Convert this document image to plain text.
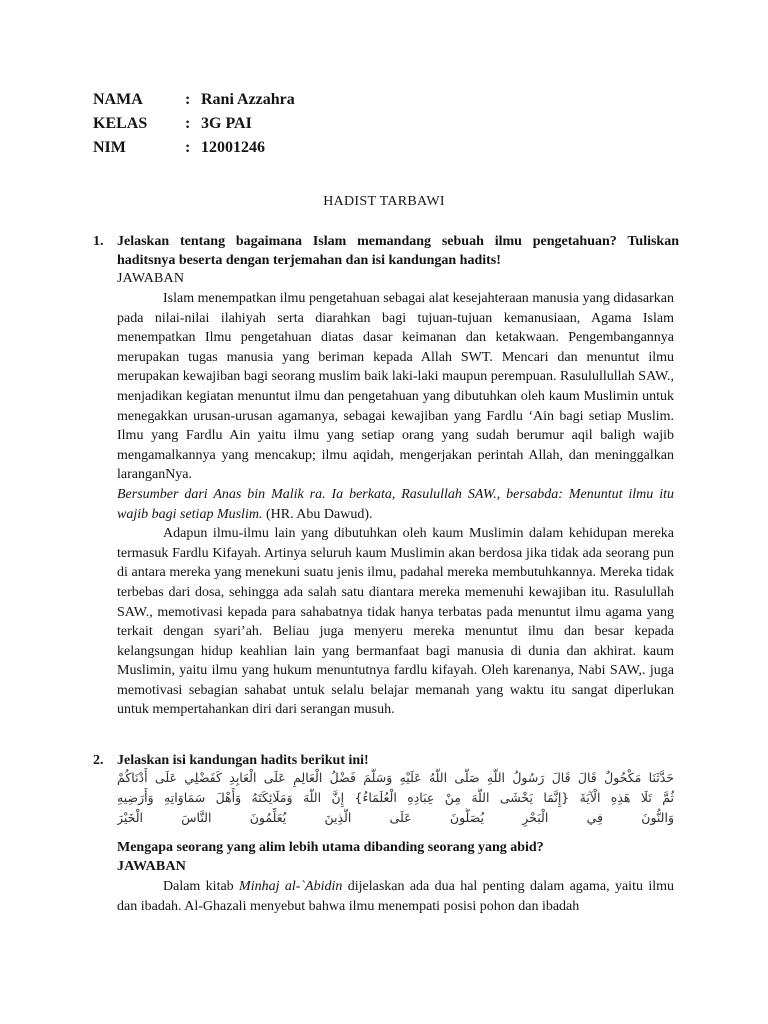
NAMA	: Rani Azzahra
KELAS	: 3G PAI
NIM	: 12001246
HADIST TARBAWI
1. Jelaskan tentang bagaimana Islam memandang sebuah ilmu pengetahuan? Tuliskan haditsnya beserta dengan terjemahan dan isi kandungan hadits!
JAWABAN

Islam menempatkan ilmu pengetahuan sebagai alat kesejahteraan manusia yang didasarkan pada nilai-nilai ilahiyah serta diarahkan bagi tujuan-tujuan kemanusiaan, Agama Islam menempatkan Ilmu pengetahuan diatas dasar keimanan dan ketakwaan. Pengembangannya merupakan tugas manusia yang beriman kepada Allah SWT. Mencari dan menuntut ilmu merupakan kewajiban bagi seorang muslim baik laki-laki maupun perempuan. Rasulullullah SAW., menjadikan kegiatan menuntut ilmu dan pengetahuan yang dibutuhkan oleh kaum Muslimin untuk menegakkan urusan-urusan agamanya, sebagai kewajiban yang Fardlu ‘Ain bagi setiap Muslim. Ilmu yang Fardlu Ain yaitu ilmu yang setiap orang yang sudah berumur aqil baligh wajib mengamalkannya yang mencakup; ilmu aqidah, mengerjakan perintah Allah, dan meninggalkan laranganNya.

Bersumber dari Anas bin Malik ra. Ia berkata, Rasulullah SAW., bersabda: Menuntut ilmu itu wajib bagi setiap Muslim. (HR. Abu Dawud).

Adapun ilmu-ilmu lain yang dibutuhkan oleh kaum Muslimin dalam kehidupan mereka termasuk Fardlu Kifayah. Artinya seluruh kaum Muslimin akan berdosa jika tidak ada seorang pun di antara mereka yang menekuni suatu jenis ilmu, padahal mereka membutuhkannya. Mereka tidak terbebas dari dosa, sehingga ada salah satu diantara mereka memenuhi kewajiban itu. Rasulullah SAW., memotivasi kepada para sahabatnya tidak hanya terbatas pada menuntut ilmu agama yang terkait dengan syari’ah. Beliau juga menyeru mereka menuntut ilmu dan besar kepada kelangsungan hidup keahlian lain yang bermanfaat bagi manusia di dunia dan akhirat. kaum Muslimin, yaitu ilmu yang hukum menuntutnya fardlu kifayah. Oleh karenanya, Nabi SAW,. juga memotivasi sebagian sahabat untuk selalu belajar memanah yang waktu itu sangat diperlukan untuk mempertahankan diri dari serangan musuh.

2. Jelaskan isi kandungan hadits berikut ini!
حَدَّثَنَا مَكْحُولٌ قَالَ قَالَ رَسُولُ اللَّهِ صَلَّى اللَّهُ عَلَيْهِ وَسَلَّمَ فَضْلُ الْعَالِمِ عَلَى الْعَابِدِ كَفَضْلِي عَلَى أَدْنَاكُمْ
ثُمَّ تَلَا هَذِهِ الْآيَةَ {إِنَّمَا يَخْشَى اللَّهَ مِنْ عِبَادِهِ الْعُلَمَاءُ} إِنَّ اللَّهَ وَمَلَائِكَتَهُ وَأَهْلَ سَمَاوَاتِهِ وَأَرَضِيهِ
وَالنُّونَ فِي الْبَحْرِ يُصَلُّونَ عَلَى الَّذِينَ يُعَلِّمُونَ النَّاسَ الْخَيْرَ
Mengapa seorang yang alim lebih utama dibanding seorang yang abid?
JAWABAN

Dalam kitab Minhaj al-`Abidin dijelaskan ada dua hal penting dalam agama, yaitu ilmu dan ibadah. Al-Ghazali menyebut bahwa ilmu menempati posisi pohon dan ibadah
